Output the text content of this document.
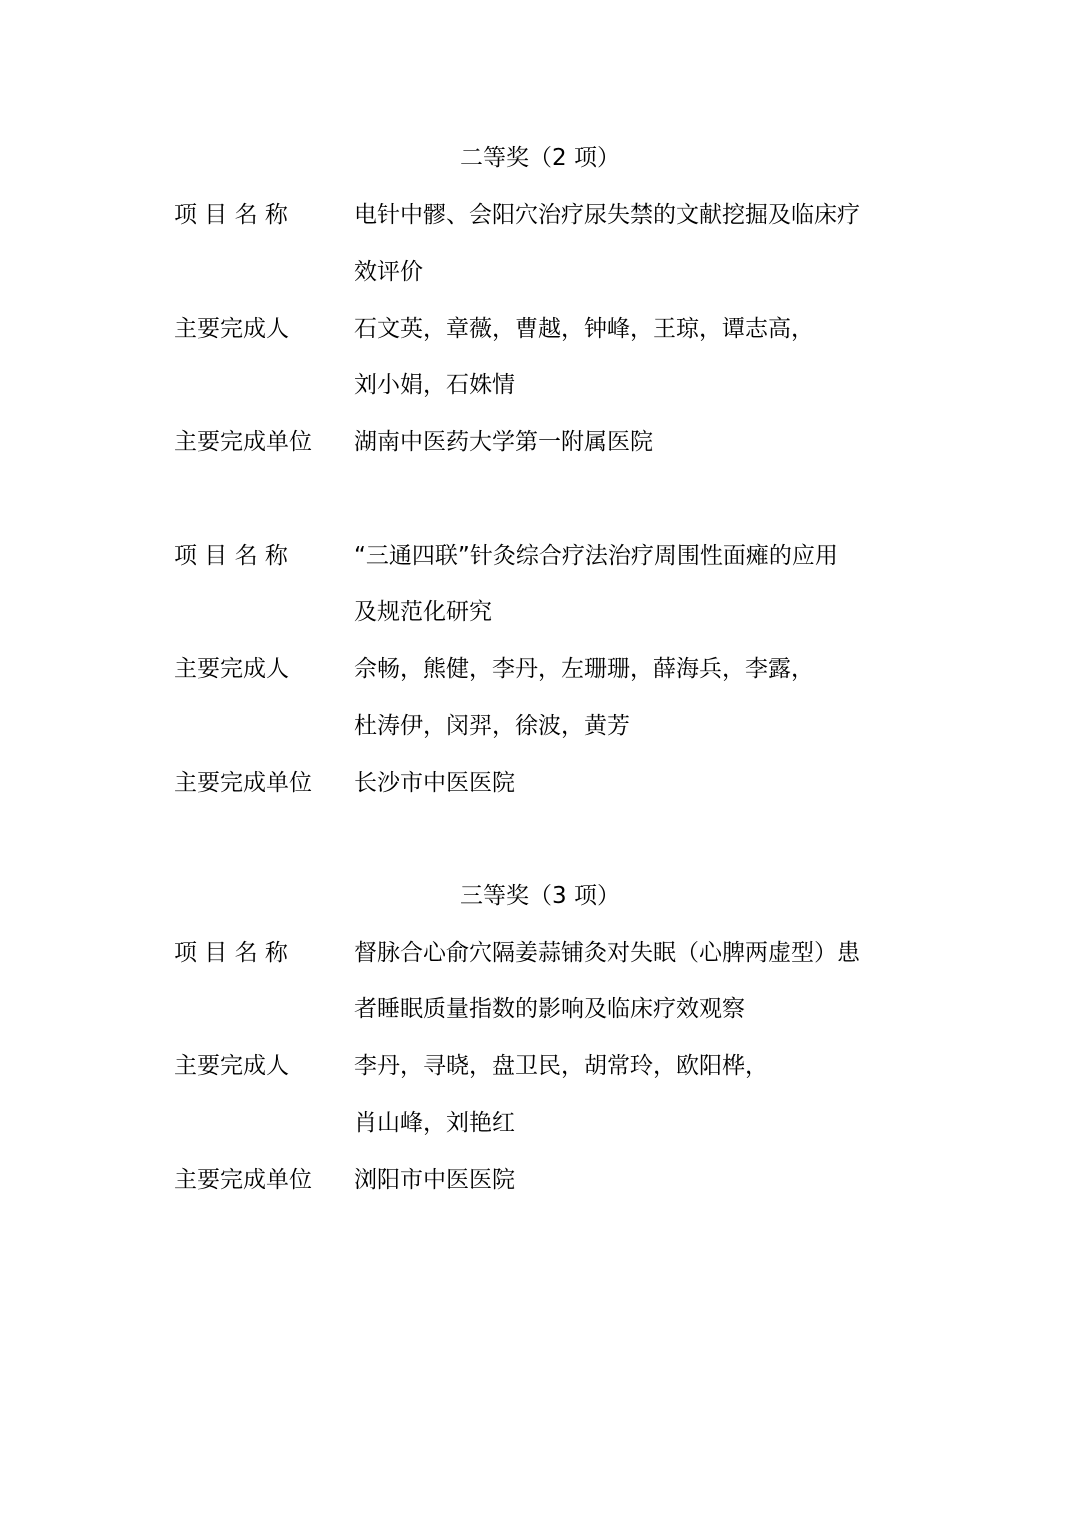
二等奖（2 项）
项 目 名 称	电针中髎、会阳穴治疗尿失禁的文献挖掘及临床疗
效评价
主要完成人	石文英，章薇，曹越，钟峰，王琼，谭志高，
刘小娟，石姝情
主要完成单位 湖南中医药大学第一附属医院
项 目 名 称	“三通四联”针灸综合疗法治疗周围性面瘫的应用
及规范化研究
主要完成人	佘畅，熊健，李丹，左珊珊，薛海兵，李露，
杜涛伊，闵羿，徐波，黄芳
主要完成单位 长沙市中医医院
三等奖（3 项）
项 目 名 称	督脉合心俞穴隔姜蒜铺灸对失眠（心脾两虚型）患
者睡眠质量指数的影响及临床疗效观察
主要完成人	李丹，寻晓，盘卫民，胡常玲，欧阳桦，
肖山峰，刘艳红
主要完成单位 浏阳市中医医院
